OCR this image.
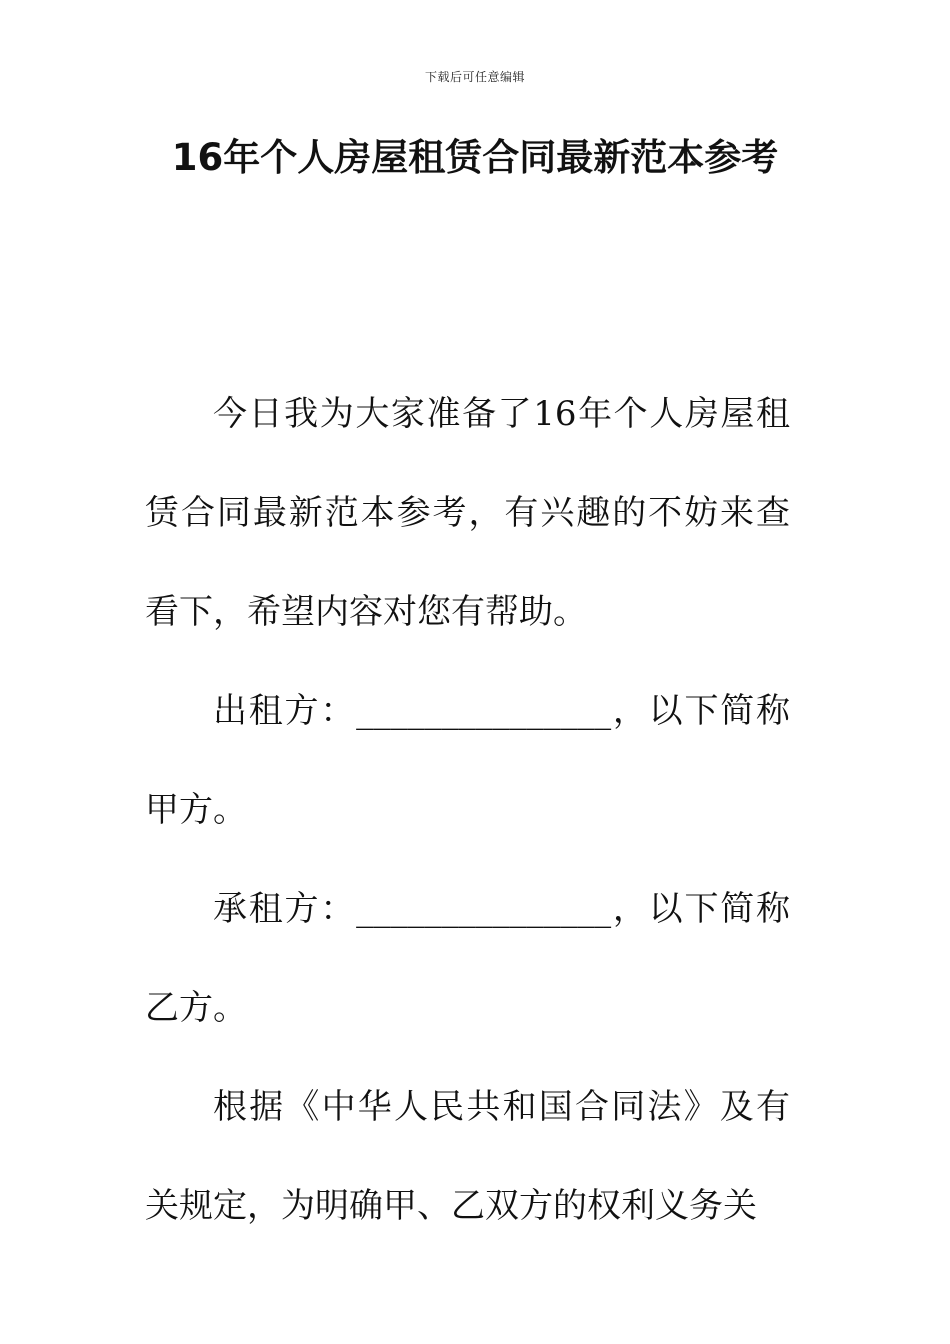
下载后可任意编辑
16年个人房屋租赁合同最新范本参考

今日我为大家准备了16年个人房屋租赁合同最新范本参考，有兴趣的不妨来查看下，希望内容对您有帮助。

出租方：_______________，以下简称甲方。

承租方：_______________，以下简称乙方。

根据《中华人民共和国合同法》及有关规定，为明确甲、乙双方的权利义务关
